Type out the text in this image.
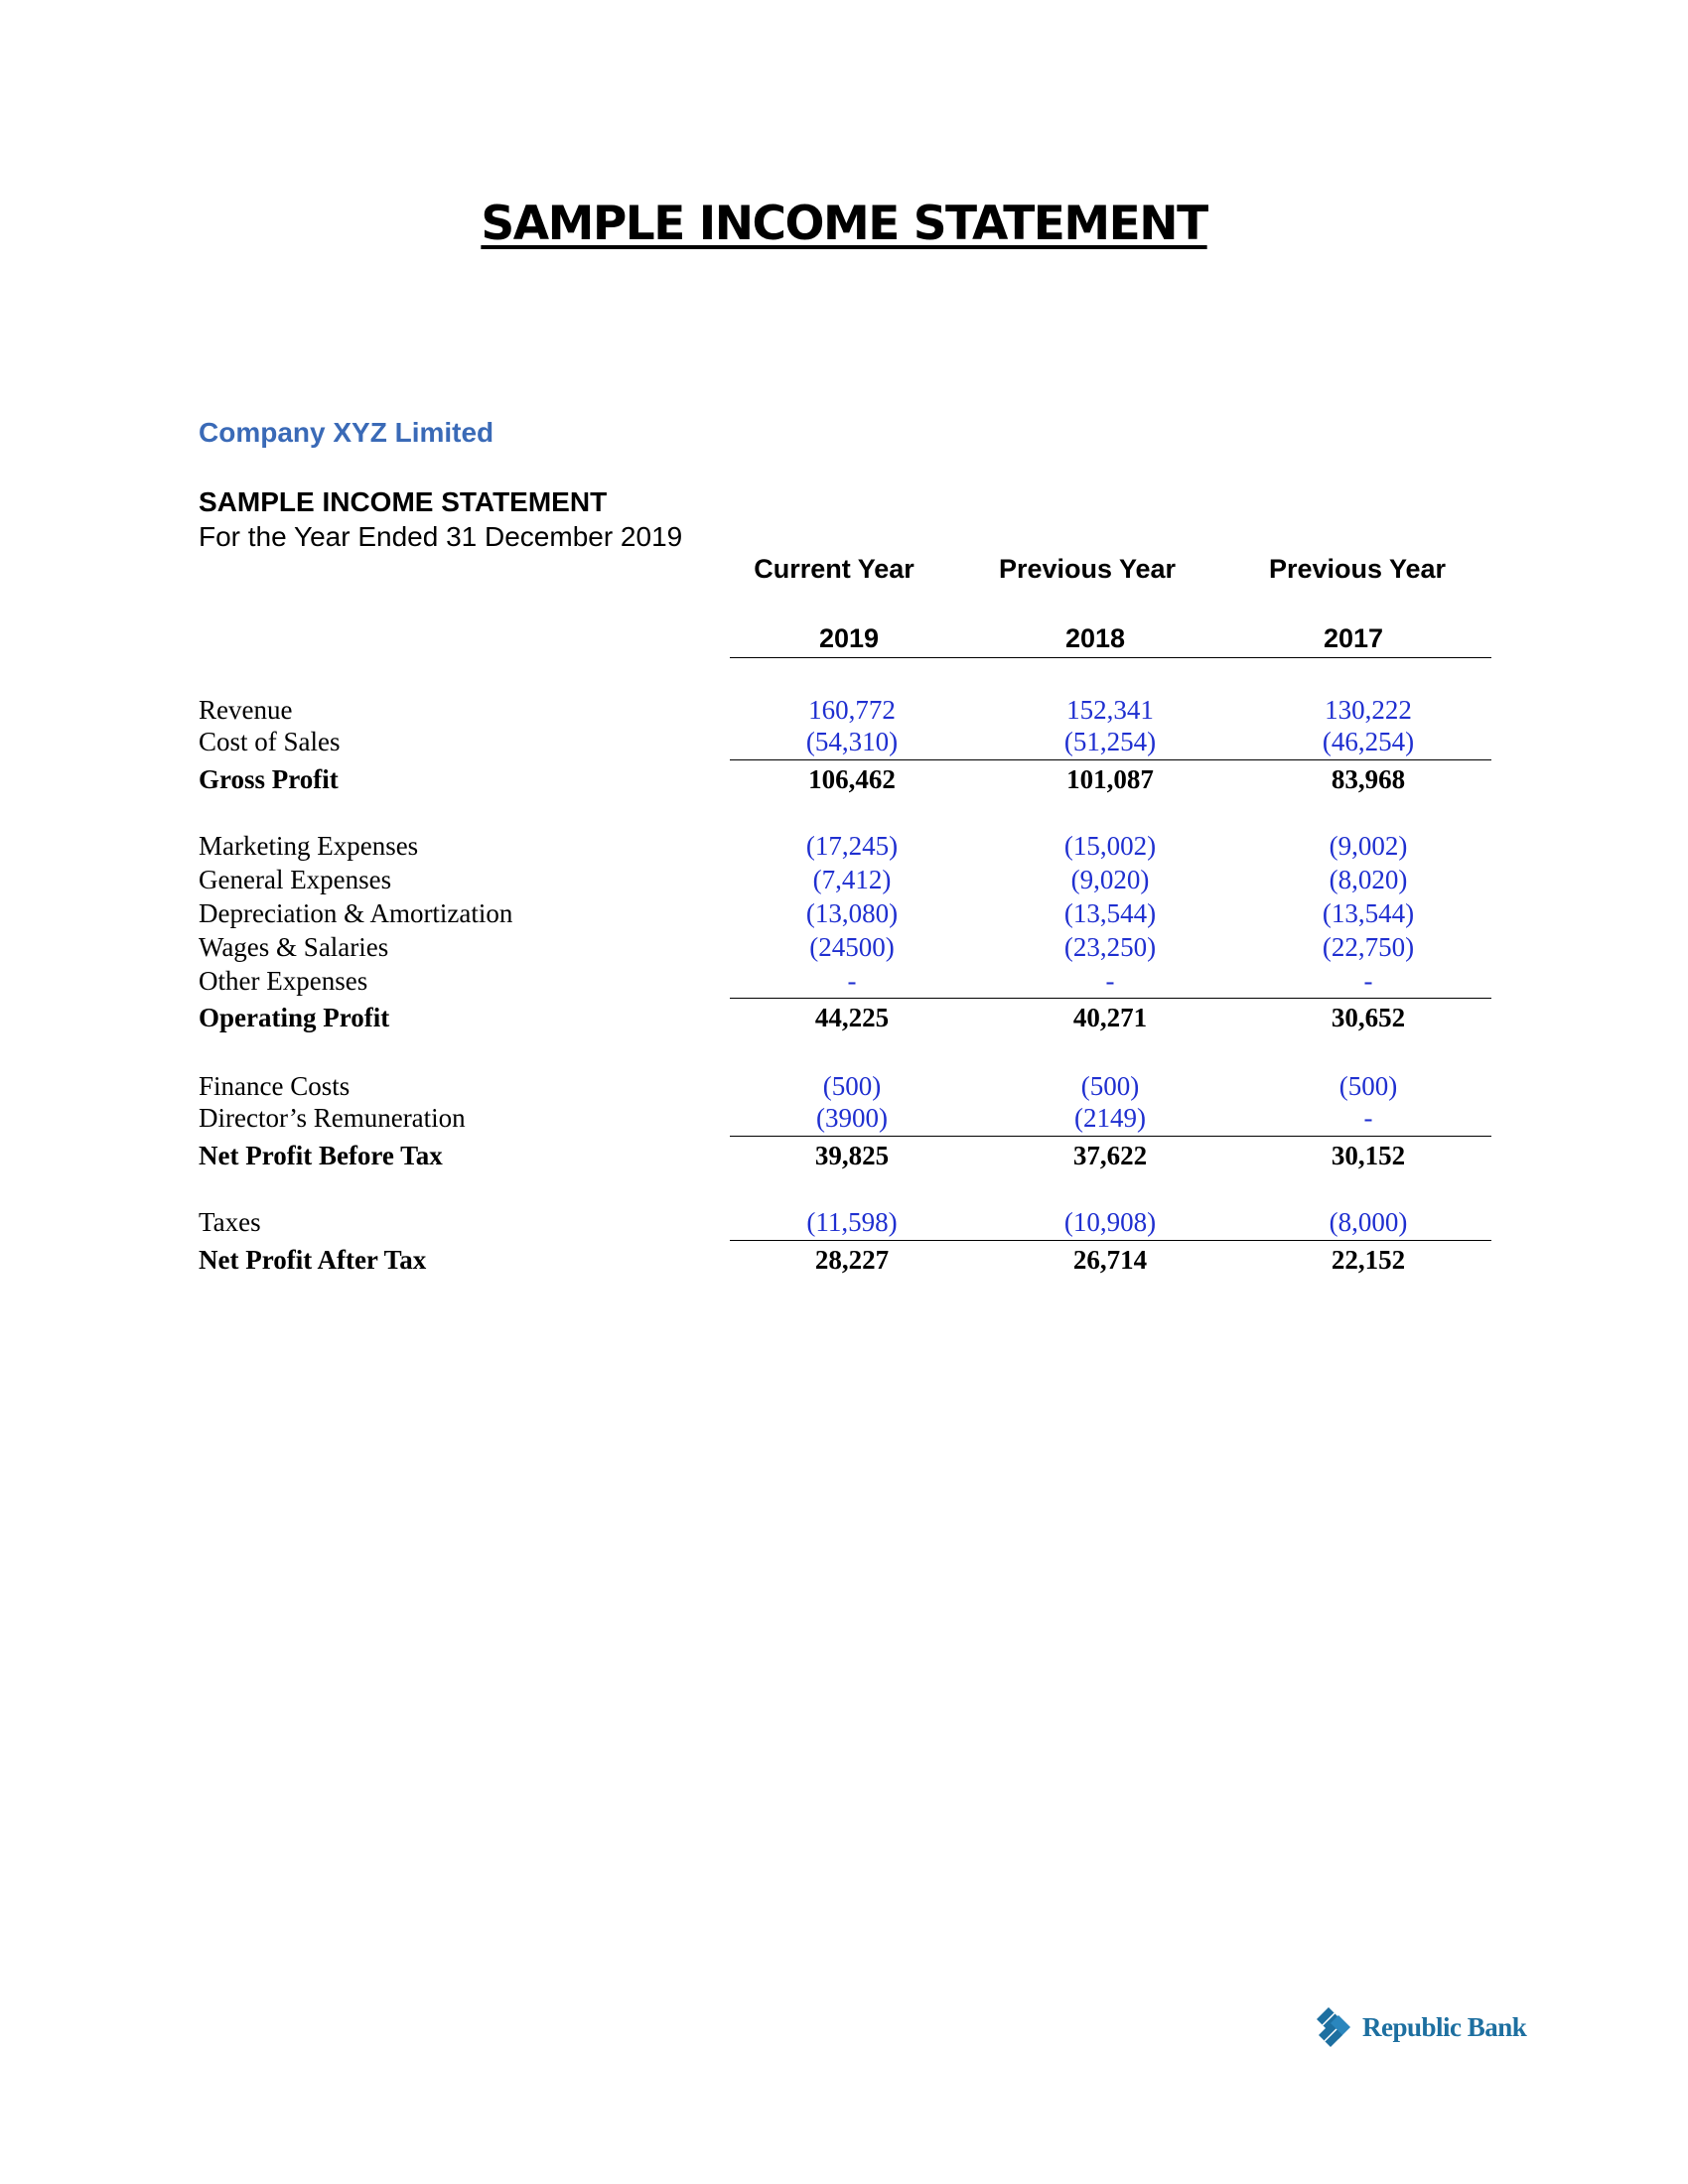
SAMPLE INCOME STATEMENT
Company XYZ Limited
SAMPLE INCOME STATEMENT
For the Year Ended 31 December 2019
Current Year	Previous Year	Previous Year
2019	2018	2017
Revenue	160,772	152,341	130,222
Cost of Sales	(54,310)	(51,254)	(46,254)
Gross Profit	106,462	101,087	83,968
Marketing Expenses	(17,245)	(15,002)	(9,002)
General Expenses	(7,412)	(9,020)	(8,020)
Depreciation & Amortization	(13,080)	(13,544)	(13,544)
Wages & Salaries	(24500)	(23,250)	(22,750)
Other Expenses	-	-	-
Operating Profit	44,225	40,271	30,652
Finance Costs	(500)	(500)	(500)
Director’s Remuneration	(3900)	(2149)	-
Net Profit Before Tax	39,825	37,622	30,152
Taxes	(11,598)	(10,908)	(8,000)
Net Profit After Tax	28,227	26,714	22,152
Republic Bank
